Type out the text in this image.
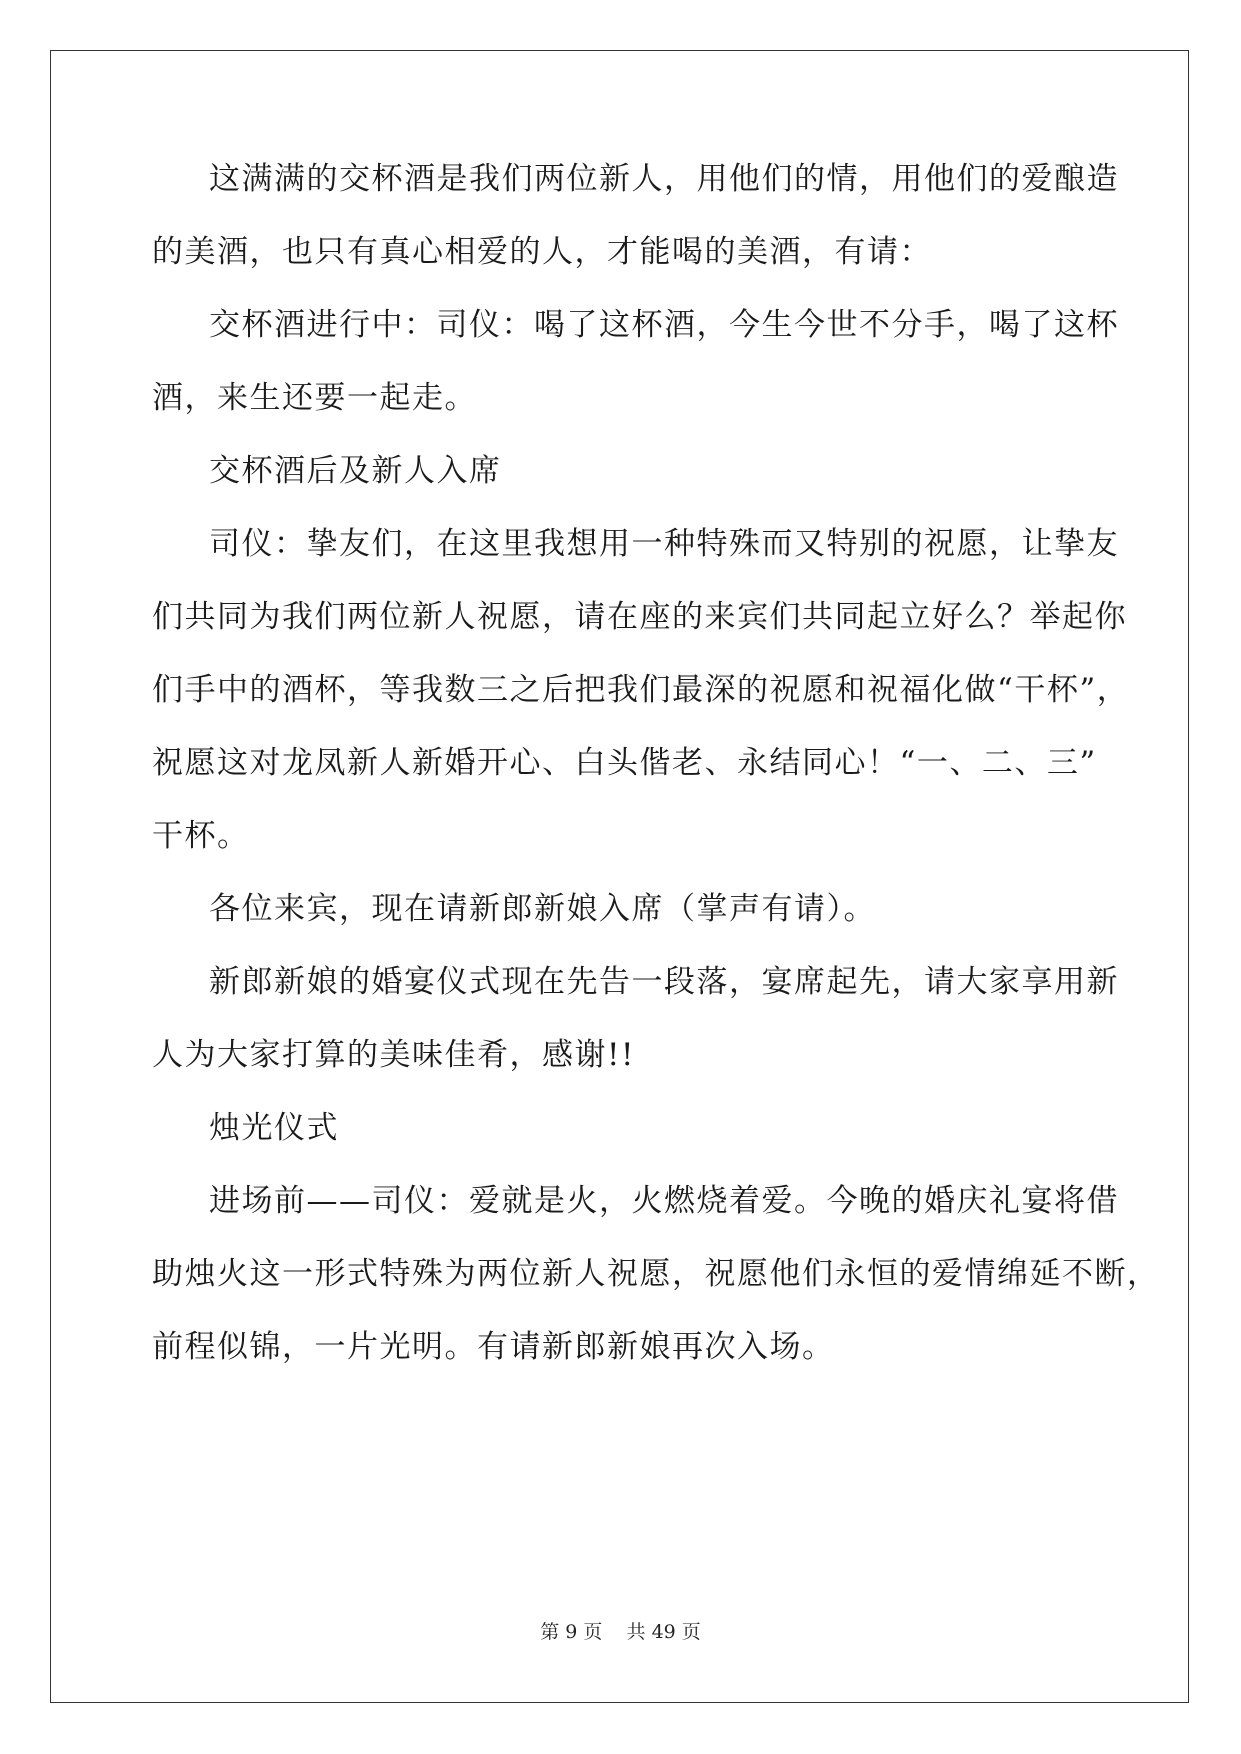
这满满的交杯酒是我们两位新人，用他们的情，用他们的爱酿造
的美酒，也只有真心相爱的人，才能喝的美酒，有请：
交杯酒进行中：司仪：喝了这杯酒，今生今世不分手，喝了这杯
酒，来生还要一起走。
交杯酒后及新人入席
司仪：挚友们，在这里我想用一种特殊而又特别的祝愿，让挚友
们共同为我们两位新人祝愿，请在座的来宾们共同起立好么？举起你
们手中的酒杯，等我数三之后把我们最深的祝愿和祝福化做“干杯”，
祝愿这对龙凤新人新婚开心、白头偕老、永结同心！“一、二、三”
干杯。
各位来宾，现在请新郎新娘入席（掌声有请）。
新郎新娘的婚宴仪式现在先告一段落，宴席起先，请大家享用新
人为大家打算的美味佳肴，感谢!!
烛光仪式
进场前——司仪：爱就是火，火燃烧着爱。今晚的婚庆礼宴将借
助烛火这一形式特殊为两位新人祝愿，祝愿他们永恒的爱情绵延不断，
前程似锦，一片光明。有请新郎新娘再次入场。
第 9 页 共 49 页
